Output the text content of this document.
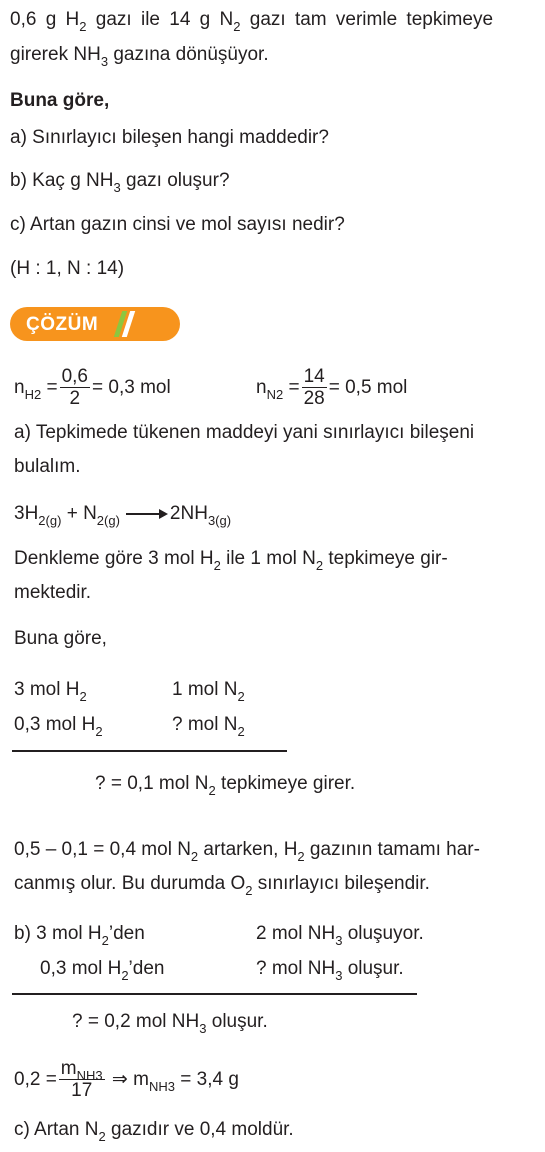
0,6 g $H_2$ gazı ile 14 g $N_2$ gazı tam verimle tepkimeye
girerek $NH_3$ gazına dönüşüyor.
Buna göre,
a) Sınırlayıcı bileşen hangi maddedir?
b) Kaç g $NH_3$ gazı oluşur?
c) Artan gazın cinsi ve mol sayısı nedir?
(H : 1, N : 14)
ÇÖZÜM
$n_{H2} = \frac{0,6}{2} = 0,3$ mol	$n_{N2} = \frac{14}{28} = 0,5$ mol
a) Tepkimede tükenen maddeyi yani sınırlayıcı bileşeni
bulalım.
$3H_{2(g)} + N_{2(g)} \to 2NH_{3(g)}$
Denkleme göre 3 mol $H_2$ ile 1 mol $N_2$ tepkimeye gir-
mektedir.
Buna göre,
3 mol $H_2$	1 mol $N_2$
0,3 mol $H_2$	? mol $N_2$
? = 0,1 mol $N_2$ tepkimeye girer.
0,5 – 0,1 = 0,4 mol $N_2$ artarken, $H_2$ gazının tamamı har-
canmış olur. Bu durumda $O_2$ sınırlayıcı bileşendir.
b) 3 mol $H_2’den$	2 mol $NH_3$ oluşuyor.
0,3 mol $H_2’den$	? mol $NH_3$ oluşur.
? = 0,2 mol $NH_3$ oluşur.
$0,2 = \frac{m_{NH3}}{17}$ ⇒ $m_{NH3} = 3,4$ g
c) Artan $N_2$ gazıdır ve 0,4 moldür.
